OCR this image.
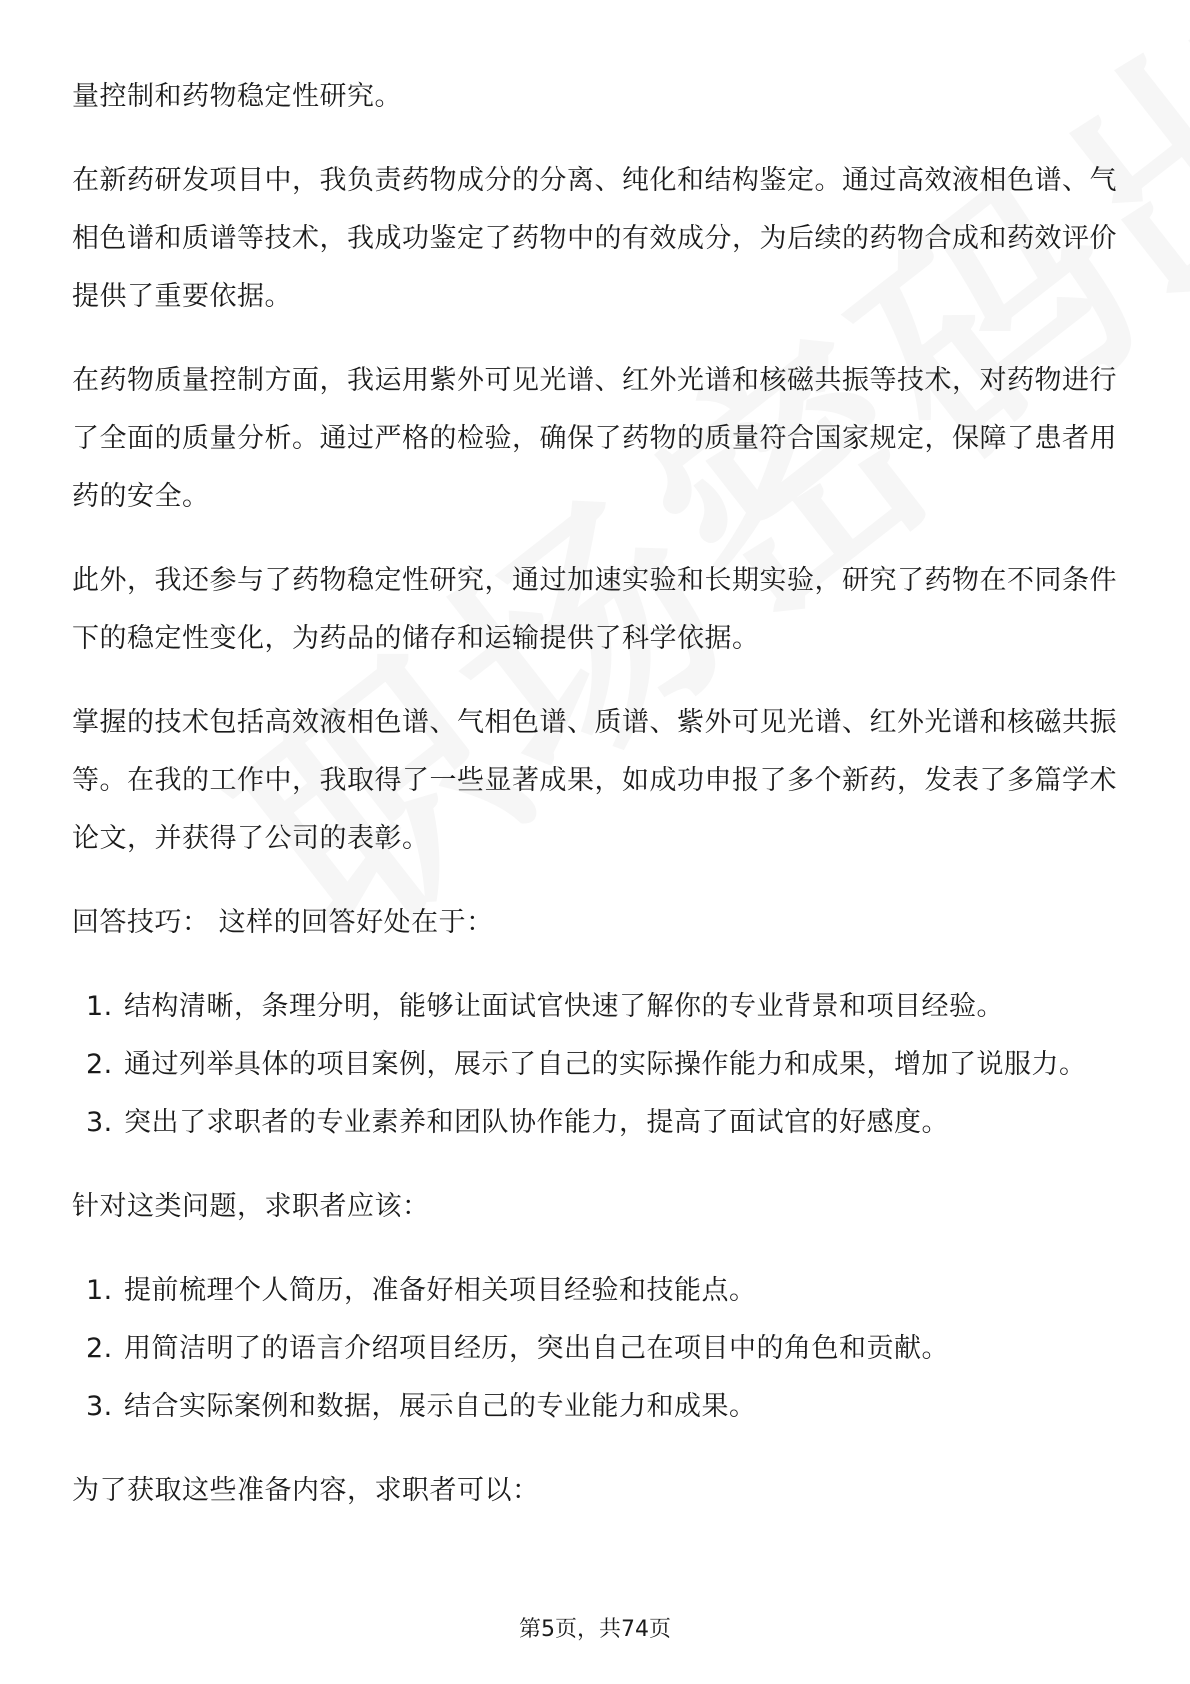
量控制和药物稳定性研究。

在新药研发项目中，我负责药物成分的分离、纯化和结构鉴定。通过高效液相色谱、气相色谱和质谱等技术，我成功鉴定了药物中的有效成分，为后续的药物合成和药效评价提供了重要依据。

在药物质量控制方面，我运用紫外可见光谱、红外光谱和核磁共振等技术，对药物进行了全面的质量分析。通过严格的检验，确保了药物的质量符合国家规定，保障了患者用药的安全。

此外，我还参与了药物稳定性研究，通过加速实验和长期实验，研究了药物在不同条件下的稳定性变化，为药品的储存和运输提供了科学依据。

掌握的技术包括高效液相色谱、气相色谱、质谱、紫外可见光谱、红外光谱和核磁共振等。在我的工作中，我取得了一些显著成果，如成功申报了多个新药，发表了多篇学术论文，并获得了公司的表彰。

回答技巧： 这样的回答好处在于：

1. 结构清晰，条理分明，能够让面试官快速了解你的专业背景和项目经验。
2. 通过列举具体的项目案例，展示了自己的实际操作能力和成果，增加了说服力。
3. 突出了求职者的专业素养和团队协作能力，提高了面试官的好感度。

针对这类问题，求职者应该：

1. 提前梳理个人简历，准备好相关项目经验和技能点。
2. 用简洁明了的语言介绍项目经历，突出自己在项目中的角色和贡献。
3. 结合实际案例和数据，展示自己的专业能力和成果。

为了获取这些准备内容，求职者可以：

第5页，共74页
